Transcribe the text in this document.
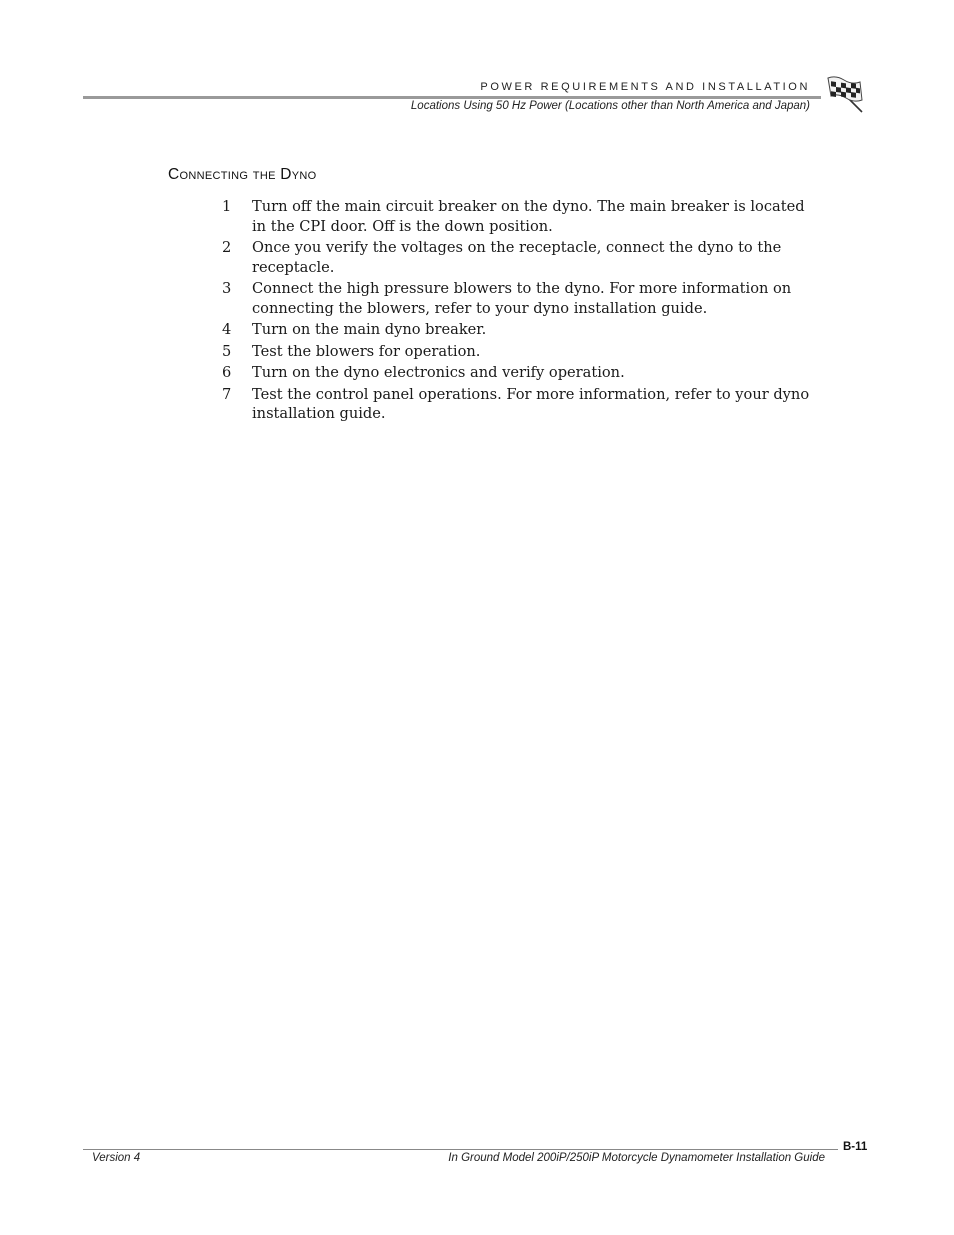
POWER REQUIREMENTS AND INSTALLATION
Locations Using 50 Hz Power (Locations other than North America and Japan)
Connecting the Dyno
1	Turn off the main circuit breaker on the dyno. The main breaker is located in the CPI door. Off is the down position.
2	Once you verify the voltages on the receptacle, connect the dyno to the receptacle.
3	Connect the high pressure blowers to the dyno. For more information on connecting the blowers, refer to your dyno installation guide.
4	Turn on the main dyno breaker.
5	Test the blowers for operation.
6	Turn on the dyno electronics and verify operation.
7	Test the control panel operations. For more information, refer to your dyno installation guide.
Version 4	In Ground Model 200iP/250iP Motorcycle Dynamometer Installation Guide
B-11
